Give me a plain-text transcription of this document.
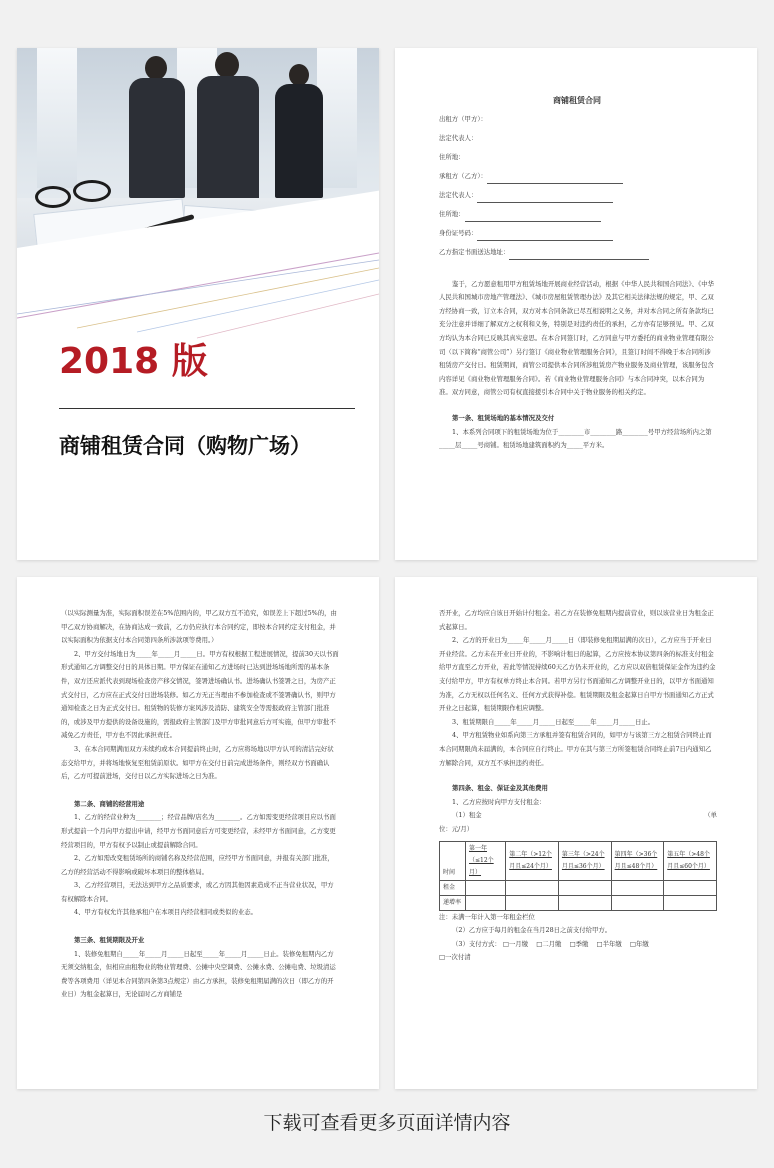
2018 版
商铺租赁合同（购物广场）

商铺租赁合同

出租方（甲方）：
法定代表人：
住所地：
承租方（乙方）：
法定代表人：
住所地：
身份证号码：
乙方指定书面送达地址：

鉴于，乙方愿意租用甲方租赁场地开展商业经营活动，根据《中华人民共和国合同法》、《中华人民共和国城市房地产管理法》、《城市房屋租赁管理办法》及其它相关法律法规的规定，甲、乙双方经协商一致，订立本合同，双方对本合同条款已尽互相说明之义务，并对本合同之所有条款均已充分注意并详细了解双方之权利和义务，特别是对违约责任的承担，乙方亦有足够预见。甲、乙双方均认为本合同已反映其真实意思。在本合同签订时，乙方同意与甲方委托的商业物业管理有限公司（以下简称“商管公司”）另行签订《商业物业管理服务合同》，且签订时间不得晚于本合同所涉租赁房产交付日。租赁期间，商管公司提供本合同所涉租赁房产物业服务及商业管理，该服务包含内容详见《商业物业管理服务合同》。若《商业物业管理服务合同》与本合同冲突，以本合同为准。双方同意，商管公司有权直接援引本合同中关于物业服务的相关约定。

第一条、租赁场地的基本情况及交付

1、本系列合同项下的租赁场地为位于________市________路________号甲方经营场所内之第_____层_____号商铺。租赁场地建筑面积约为_____平方米。

（以实际测量为准，实际面积误差在5%范围内的，甲乙双方互不追究，如误差上下超过5%的，由甲乙双方协商解决，在协商达成一致前，乙方仍应执行本合同约定，即按本合同约定支付租金，并以实际面积为依据支付本合同第四条所涉款项等费用。）

2、甲方交付场地日为_____年_____月_____日。甲方有权根据工程进展情况，提前30天以书面形式通知乙方调整交付日的具体日期。甲方保证在通知乙方进场时已达到进场场地所需的基本条件，双方还应派代表到现场检查房产移交情况，签署进场确认书。进场确认书签署之日，为房产正式交付日，乙方应在正式交付日进场装修。如乙方无正当理由不参加检查或不签署确认书，则甲方通知检查之日为正式交付日。租赁物的装修方案风涉及消防、建筑安全等需报政府主管部门批准的，或涉及甲方提供的设备设施的，需报政府主管部门及甲方审批同意后方可实施，但甲方审批不减免乙方责任，甲方也不因此承担责任。

3、在本合同期满而双方未续约或本合同提前终止时，乙方应将场地以甲方认可的清洁完好状态交给甲方，并将场地恢复至租赁前原状。如甲方在交付日前完成进场条件，则经双方书面确认后，乙方可提前进场，交付日以乙方实际进场之日为准。

第二条、商铺的经营用途

1、乙方的经营业种为________；经营品牌/店名为________。乙方如需变更经营项目应以书面形式提前一个月向甲方提出申请，经甲方书面同意后方可变更经营，未经甲方书面同意，乙方变更经营项目的，甲方有权予以制止或提前解除合同。

2、乙方如需改变租赁场所的商铺名称及经营范围，应经甲方书面同意，并报有关部门批准，乙方的经营活动不得影响或破坏本项目的整体格局。

3、乙方经营项目，无法达到甲方之品质要求，或乙方因其他因素造成不正当营业状况，甲方有权解除本合同。

4、甲方有权允许其他承租户在本项目内经营相同或类似的业态。

第三条、租赁期限及开业

1、装修免租期自_____年_____月_____日起至_____年_____月_____日止。装修免租期内乙方无须交纳租金，但相应由租物业的物业管理费、公摊中央空调费、公摊水费、公摊电费、垃圾清运费等各项费用（详见本合同第四条第3点规定）由乙方承担，装修免租期届满的次日（即乙方的开业日）为租金起算日，无论届时乙方商铺是

否开业，乙方均应自该日开始计付租金。若乙方在装修免租期内提前营业，则以该营业日为租金正式起算日。

2、乙方的开业日为_____年_____月_____日（即装修免租期届满的次日），乙方应当于开业日开业经营。乙方未在开业日开业的，不影响计租日的起算，乙方应按本协议第四条的标准支付租金给甲方直至乙方开业，若此等情况持续60天乙方仍未开业的，乙方应以双倍租赁保证金作为违约金支付给甲方，甲方有权单方终止本合同。若甲方另行书面通知乙方调整开业日的，以甲方书面通知为准，乙方无权以任何名义、任何方式获得补偿。租赁期限及租金起算日自甲方书面通知乙方正式开业之日起算，租赁期限作相应调整。

3、租赁期限自_____年_____月_____日起至_____年_____月_____日止。

4、甲方租赁物业如系向第三方承租并签有租赁合同的，如甲方与该第三方之租赁合同终止而

本合同期限尚未届满的，本合同应自行终止。甲方在其与第三方所签租赁合同终止前7日内通知乙方解除合同，双方互不承担违约责任。

第四条、租金、保证金及其他费用

1、乙方应按时向甲方支付租金：

（1）租金	（单

位：元/月）

时间	第一年（≤12个月）	第二年（>12个月且≤24个月）	第三年（>24个月且≤36个月）	第四年（>36个月且≤48个月）	第五年（>48个月且≤60个月）
租金					
递增率					

注：未满一年计入第一年租金栏位

（2）乙方应于每月的租金在当月28日之前支付给甲方。

（3）支付方式： □一月缴 □二月缴 □季缴 □半年缴 □年缴

□一次付清

下载可查看更多页面详情内容
